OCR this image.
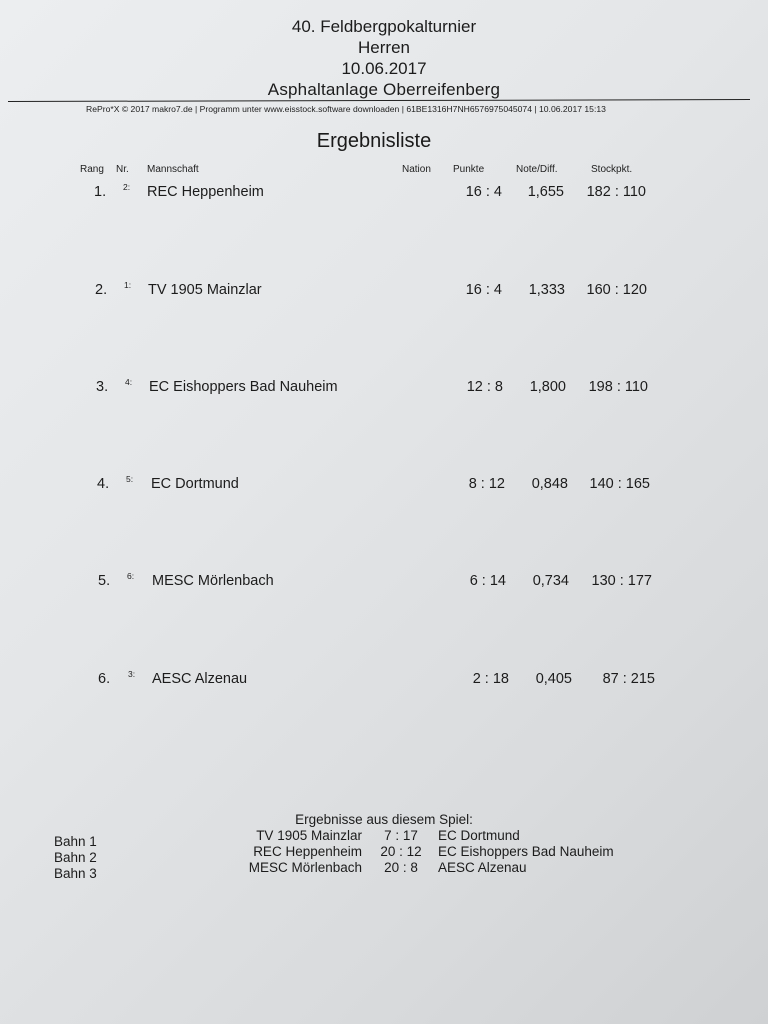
40. Feldbergpokalturnier
Herren
10.06.2017
Asphaltanlage Oberreifenberg
RePro*X © 2017 makro7.de | Programm unter www.eisstock.software downloaden | 61BE1316H7NH6576975045074 | 10.06.2017 15:13
Ergebnisliste
Rang Nr. Mannschaft	Nation Punkte	Note/Diff.	Stockpkt.
1. 2: REC Heppenheim	16 : 4	1,655	182 : 110
2. 1: TV 1905 Mainzlar	16 : 4	1,333	160 : 120
3. 4: EC Eishoppers Bad Nauheim	12 : 8	1,800	198 : 110
4. 5: EC Dortmund	8 : 12	0,848	140 : 165
5. 6: MESC Mörlenbach	6 : 14	0,734	130 : 177
6. 3: AESC Alzenau	2 : 18	0,405	87 : 215
Ergebnisse aus diesem Spiel:
Bahn 1	TV 1905 Mainzlar	7 : 17	EC Dortmund
Bahn 2	REC Heppenheim	20 : 12	EC Eishoppers Bad Nauheim
Bahn 3	MESC Mörlenbach	20 : 8	AESC Alzenau
